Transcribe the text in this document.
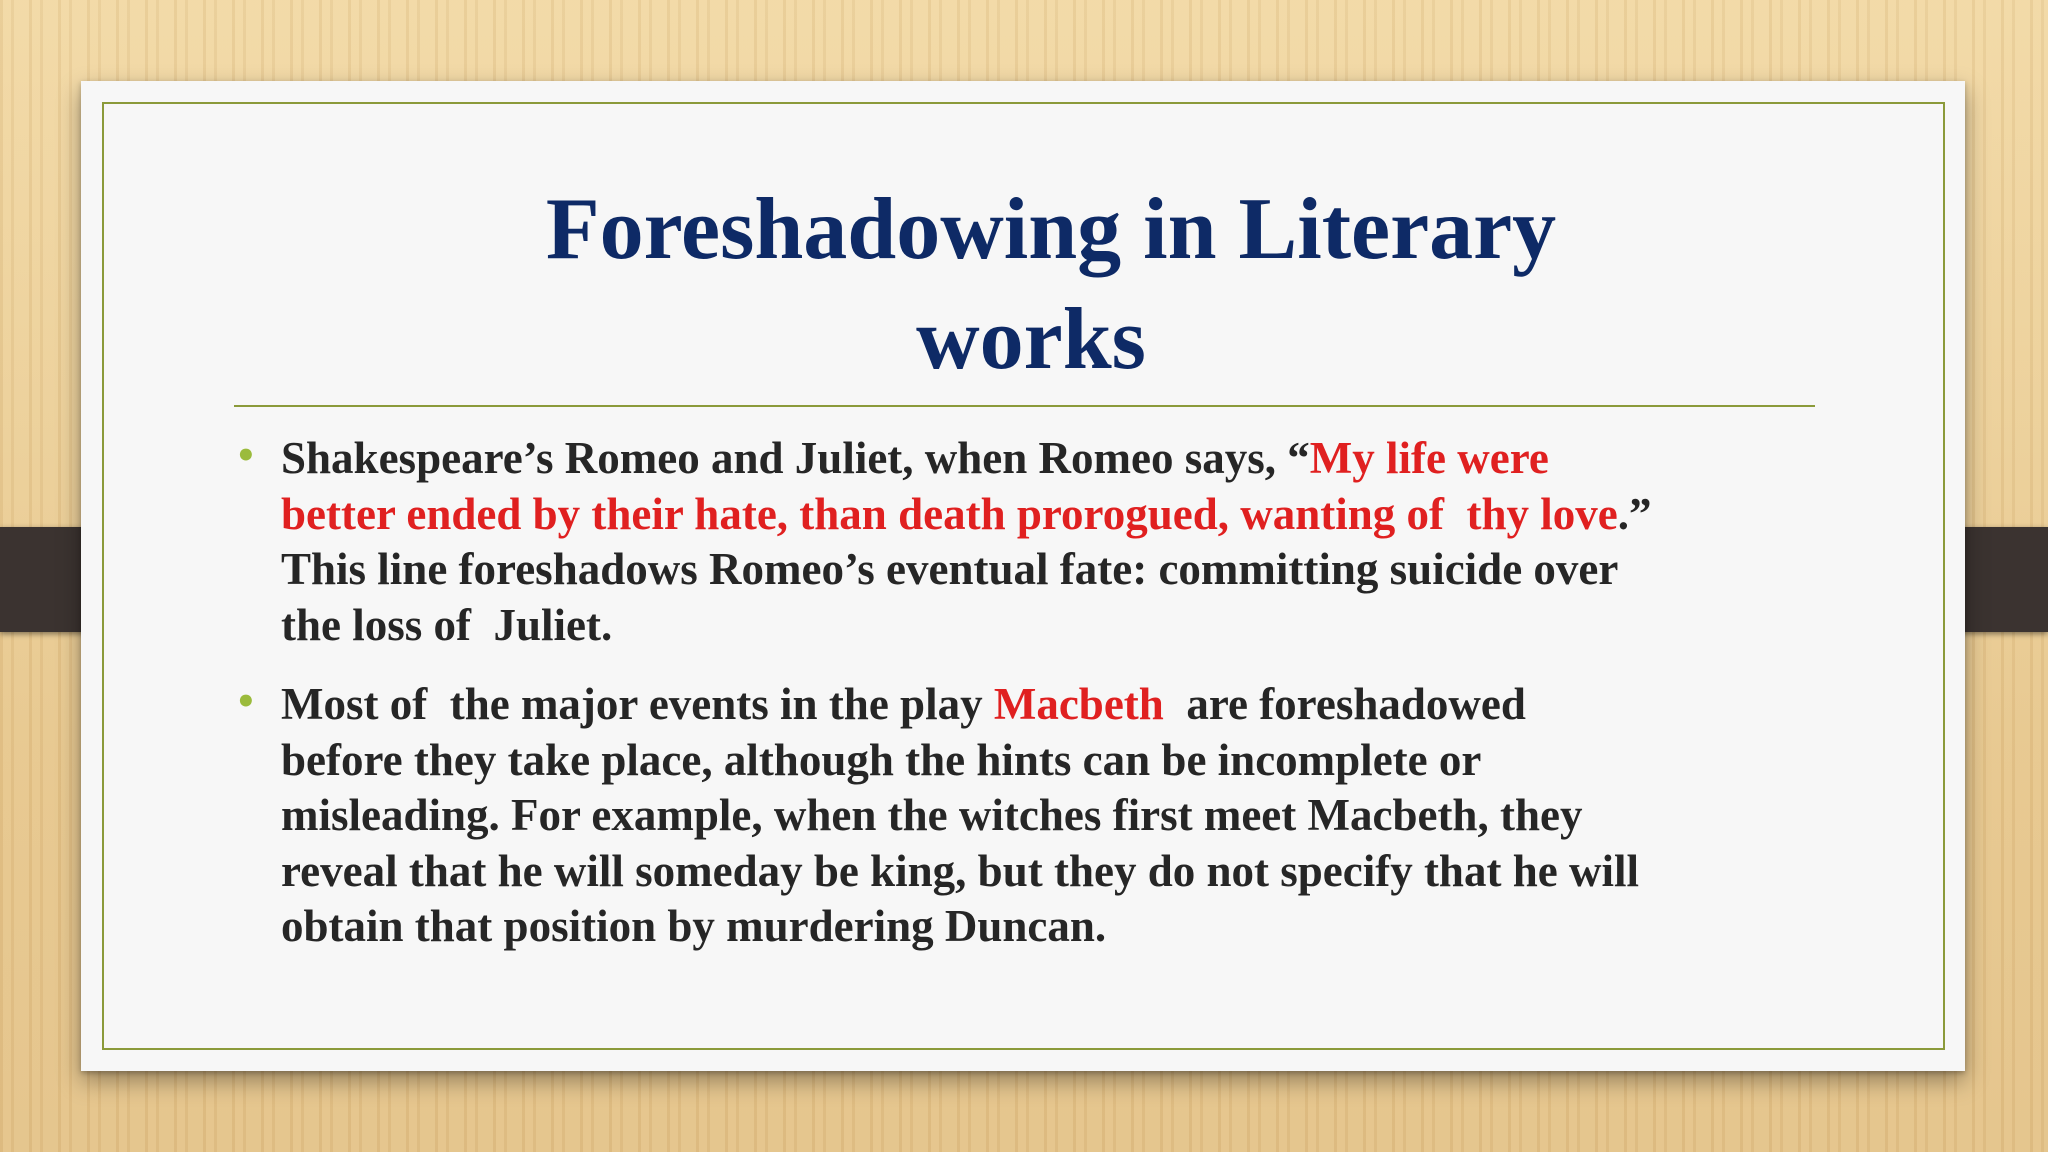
Foreshadowing in Literary
works
• Shakespeare’s Romeo and Juliet, when Romeo says, “My life were
better ended by their hate, than death prorogued, wanting of  thy love.”
This line foreshadows Romeo’s eventual fate: committing suicide over
the loss of  Juliet.
• Most of  the major events in the play Macbeth  are foreshadowed
before they take place, although the hints can be incomplete or
misleading. For example, when the witches first meet Macbeth, they
reveal that he will someday be king, but they do not specify that he will
obtain that position by murdering Duncan.
